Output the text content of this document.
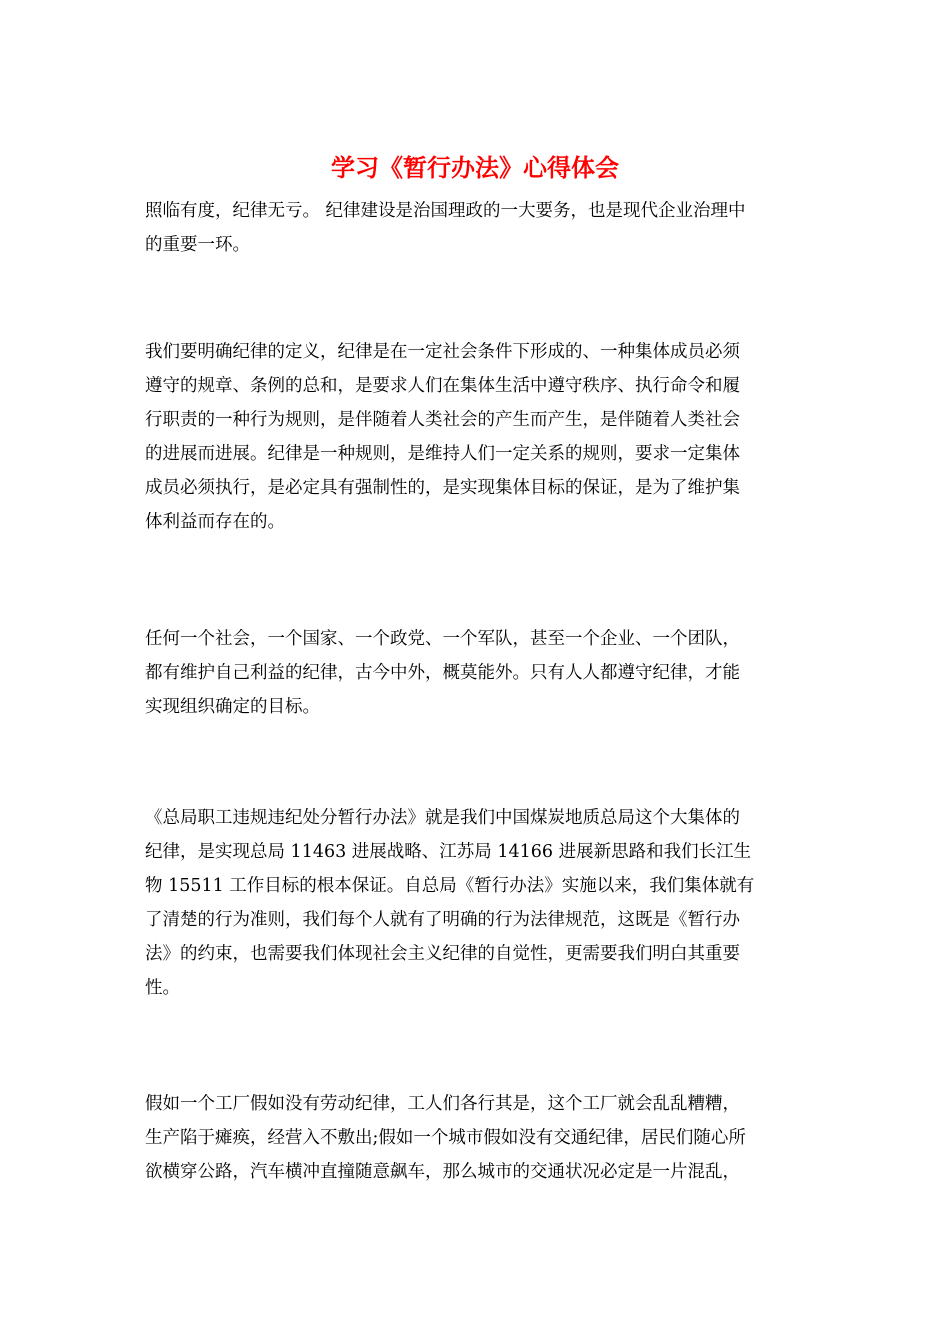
学习《暂行办法》心得体会
照临有度，纪律无亏。 纪律建设是治国理政的一大要务，也是现代企业治理中
的重要一环。
我们要明确纪律的定义，纪律是在一定社会条件下形成的、一种集体成员必须
遵守的规章、条例的总和，是要求人们在集体生活中遵守秩序、执行命令和履
行职责的一种行为规则，是伴随着人类社会的产生而产生，是伴随着人类社会
的进展而进展。纪律是一种规则，是维持人们一定关系的规则，要求一定集体
成员必须执行，是必定具有强制性的，是实现集体目标的保证，是为了维护集
体利益而存在的。
任何一个社会，一个国家、一个政党、一个军队，甚至一个企业、一个团队，
都有维护自己利益的纪律，古今中外，概莫能外。只有人人都遵守纪律，才能
实现组织确定的目标。
《总局职工违规违纪处分暂行办法》就是我们中国煤炭地质总局这个大集体的
纪律，是实现总局 11463 进展战略、江苏局 14166 进展新思路和我们长江生
物 15511 工作目标的根本保证。自总局《暂行办法》实施以来，我们集体就有
了清楚的行为准则，我们每个人就有了明确的行为法律规范，这既是《暂行办
法》的约束，也需要我们体现社会主义纪律的自觉性，更需要我们明白其重要
性。
假如一个工厂假如没有劳动纪律，工人们各行其是，这个工厂就会乱乱糟糟，
生产陷于瘫痪，经营入不敷出;假如一个城市假如没有交通纪律，居民们随心所
欲横穿公路，汽车横冲直撞随意飙车，那么城市的交通状况必定是一片混乱，
